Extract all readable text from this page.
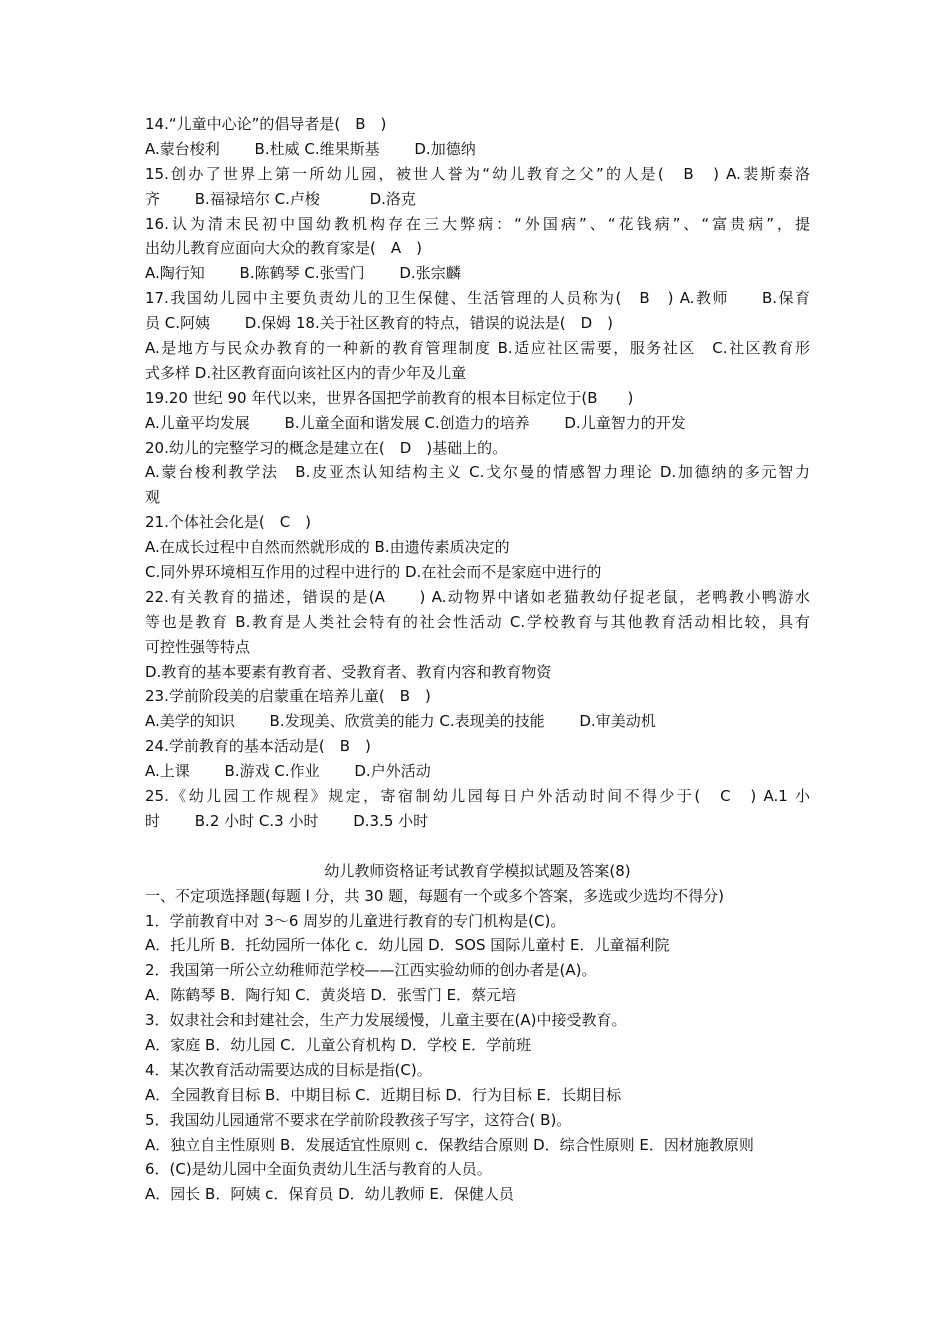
14.“儿童中心论”的倡导者是(　B　)
A.蒙台梭利　　 B.杜威 C.维果斯基　　 D.加德纳
15.创办了世界上第一所幼儿园，被世人誉为“幼儿教育之父”的人是(　B　) A.裴斯泰洛
齐　　 B.福禄培尔 C.卢梭　　　 D.洛克
16.认为清末民初中国幼教机构存在三大弊病：“外国病”、“花钱病”、“富贵病”，提
出幼儿教育应面向大众的教育家是(　A　)
A.陶行知　　 B.陈鹤琴 C.张雪门　　 D.张宗麟
17.我国幼儿园中主要负责幼儿的卫生保健、生活管理的人员称为(　B　) A.教师　　B.保育
员 C.阿姨　　 D.保姆 18.关于社区教育的特点，错误的说法是(　D　)
A.是地方与民众办教育的一种新的教育管理制度 B.适应社区需要，服务社区　C.社区教育形
式多样 D.社区教育面向该社区内的青少年及儿童
19.20 世纪 90 年代以来，世界各国把学前教育的根本目标定位于(B　　)
A.儿童平均发展　　 B.儿童全面和谐发展 C.创造力的培养　　 D.儿童智力的开发
20.幼儿的完整学习的概念是建立在(　D　)基础上的。
A.蒙台梭利教学法　B.皮亚杰认知结构主义 C.戈尔曼的情感智力理论 D.加德纳的多元智力
观
21.个体社会化是(　C　)
A.在成长过程中自然而然就形成的 B.由遗传素质决定的
C.同外界环境相互作用的过程中进行的 D.在社会而不是家庭中进行的
22.有关教育的描述，错误的是(A　　) A.动物界中诸如老猫教幼仔捉老鼠，老鸭教小鸭游水
等也是教育 B.教育是人类社会特有的社会性活动 C.学校教育与其他教育活动相比较，具有
可控性强等特点
D.教育的基本要素有教育者、受教育者、教育内容和教育物资
23.学前阶段美的启蒙重在培养儿童(　B　)
A.美学的知识　　 B.发现美、欣赏美的能力 C.表现美的技能　　 D.审美动机
24.学前教育的基本活动是(　B　)
A.上课　　 B.游戏 C.作业　　 D.户外活动
25.《幼儿园工作规程》规定，寄宿制幼儿园每日户外活动时间不得少于(　C　) A.1 小
时　　 B.2 小时 C.3 小时　　 D.3.5 小时
幼儿教师资格证考试教育学模拟试题及答案(8)
一、不定项选择题(每题 l 分，共 30 题，每题有一个或多个答案，多选或少选均不得分)
1．学前教育中对 3～6 周岁的儿童进行教育的专门机构是(C)。
A．托儿所 B．托幼园所一体化 c．幼儿园 D．SOS 国际儿童村 E．儿童福利院
2．我国第一所公立幼稚师范学校——江西实验幼师的创办者是(A)。
A．陈鹤琴 B．陶行知 C．黄炎培 D．张雪门 E．蔡元培
3．奴隶社会和封建社会，生产力发展缓慢，儿童主要在(A)中接受教育。
A．家庭 B．幼儿园 C．儿童公育机构 D．学校 E．学前班
4．某次教育活动需要达成的目标是指(C)。
A．全园教育目标 B．中期目标 C．近期目标 D．行为目标 E．长期目标
5．我国幼儿园通常不要求在学前阶段教孩子写字，这符合( B)。
A．独立自主性原则 B．发展适宜性原则 c．保教结合原则 D．综合性原则 E．因材施教原则
6．(C)是幼儿园中全面负责幼儿生活与教育的人员。
A．园长 B．阿姨 c．保育员 D．幼儿教师 E．保健人员
